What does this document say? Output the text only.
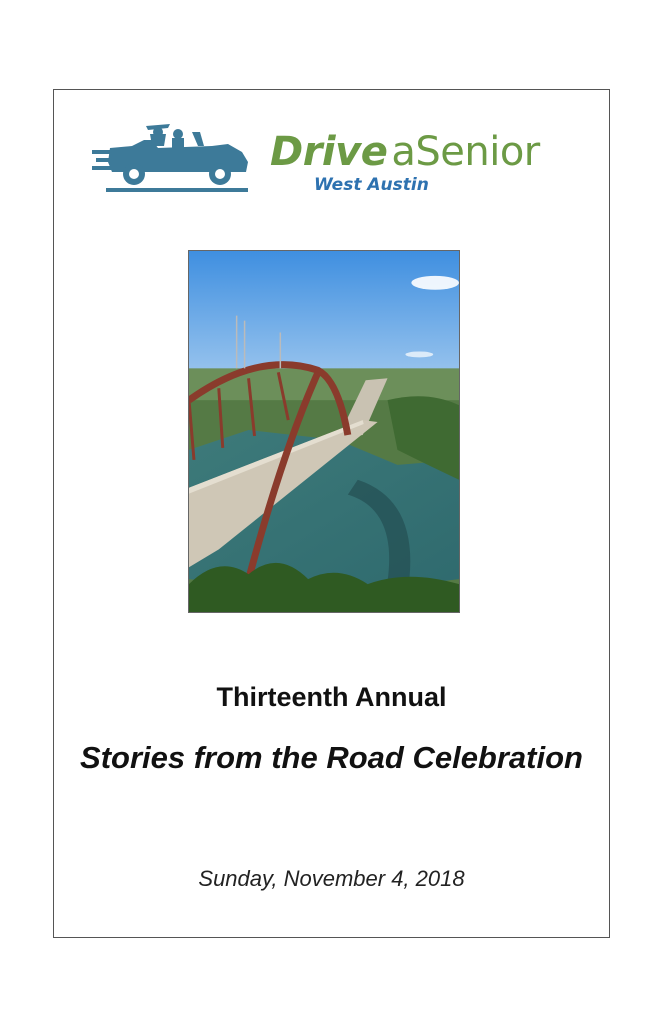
Drive aSenior
West Austin
Thirteenth Annual
Stories from the Road Celebration
Sunday, November 4, 2018
